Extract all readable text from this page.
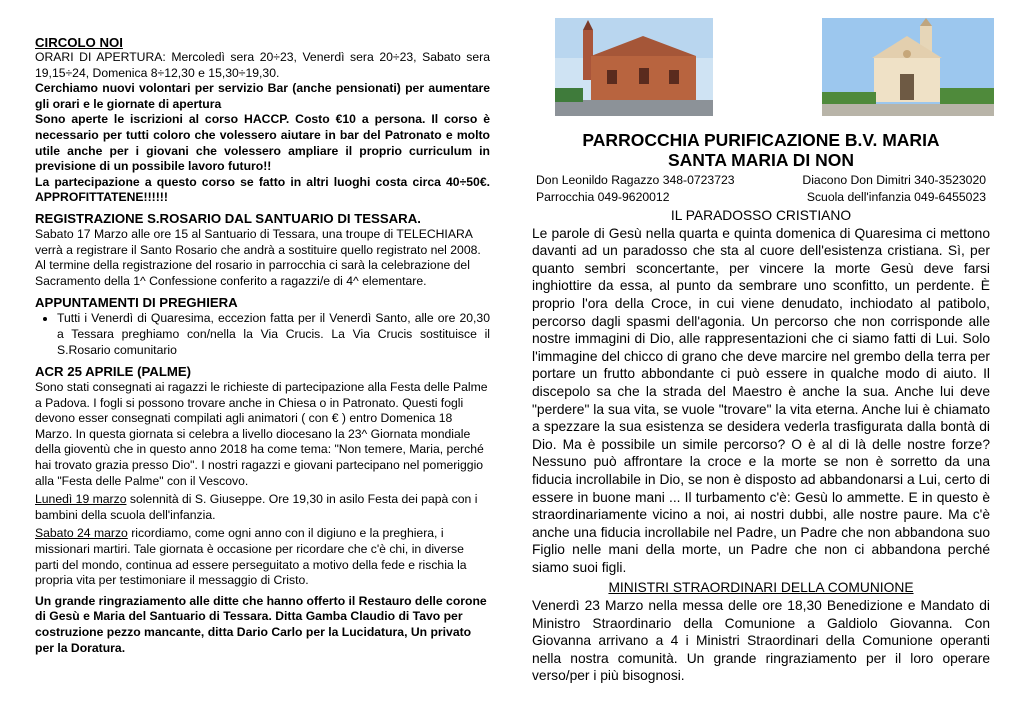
CIRCOLO NOI

ORARI DI APERTURA: Mercoledì sera 20÷23, Venerdì sera 20÷23, Sabato sera 19,15÷24, Domenica 8÷12,30 e 15,30÷19,30.

Cerchiamo nuovi volontari per servizio Bar (anche pensionati) per aumentare gli orari e le giornate di apertura

Sono aperte le iscrizioni al corso HACCP. Costo €10 a persona. Il corso è necessario per tutti coloro che volessero aiutare in bar del Patronato e molto utile anche per i giovani che volessero ampliare il proprio curriculum in previsione di un possibile lavoro futuro!!

La partecipazione a questo corso se fatto in altri luoghi costa circa 40÷50€. APPROFITTATENE!!!!!!

REGISTRAZIONE S.ROSARIO DAL SANTUARIO DI TESSARA.

Sabato 17 Marzo alle ore 15 al Santuario di Tessara, una troupe di TELECHIARA verrà a registrare il Santo Rosario che andrà a sostituire quello registrato nel 2008.

Al termine della registrazione del rosario in parrocchia ci sarà la celebrazione del Sacramento della 1^ Confessione conferito a ragazzi/e di 4^ elementare.

APPUNTAMENTI DI PREGHIERA

• Tutti i Venerdì di Quaresima, eccezion fatta per il Venerdì Santo, alle ore 20,30 a Tessara preghiamo con/nella la Via Crucis. La Via Crucis sostituisce il S.Rosario comunitario

ACR 25 APRILE (PALME)

Sono stati consegnati ai ragazzi le richieste di partecipazione alla Festa delle Palme a Padova. I fogli si possono trovare anche in Chiesa o in Patronato. Questi fogli devono esser consegnati compilati agli animatori ( con € ) entro Domenica 18 Marzo. In questa giornata si celebra a livello diocesano la 23^ Giornata mondiale della gioventù che in questo anno 2018 ha come tema: "Non temere, Maria, perché hai trovato grazia presso Dio". I nostri ragazzi e giovani partecipano nel pomeriggio alla "Festa delle Palme" con il Vescovo.

Lunedì 19 marzo solennità di S. Giuseppe. Ore 19,30 in asilo Festa dei papà con i bambini della scuola dell'infanzia.

Sabato 24 marzo ricordiamo, come ogni anno con il digiuno e la preghiera, i missionari martiri. Tale giornata è occasione per ricordare che c'è chi, in diverse parti del mondo, continua ad essere perseguitato a motivo della fede e rischia la propria vita per testimoniare il messaggio di Cristo.

Un grande ringraziamento alle ditte che hanno offerto il Restauro delle corone di Gesù e Maria del Santuario di Tessara. Ditta Gamba Claudio di Tavo per costruzione pezzo mancante, ditta Dario Carlo per la Lucidatura, Un privato per la Doratura.

PARROCCHIA PURIFICAZIONE B.V. MARIA

SANTA MARIA DI NON

Don Leonildo Ragazzo 348-0723723	Diacono Don Dimitri 340-3523020
Parrocchia 049-9620012	Scuola dell'infanzia 049-6455023

IL PARADOSSO CRISTIANO

Le parole di Gesù nella quarta e quinta domenica di Quaresima ci mettono davanti ad un paradosso che sta al cuore dell'esistenza cristiana. Sì, per quanto sembri sconcertante, per vincere la morte Gesù deve farsi inghiottire da essa, al punto da sembrare uno sconfitto, un perdente. È proprio l'ora della Croce, in cui viene denudato, inchiodato al patibolo, percorso dagli spasmi dell'agonia. Un percorso che non corrisponde alle nostre immagini di Dio, alle rappresentazioni che ci siamo fatti di Lui. Solo l'immagine del chicco di grano che deve marcire nel grembo della terra per portare un frutto abbondante ci può essere in qualche modo di aiuto. Il discepolo sa che la strada del Maestro è anche la sua. Anche lui deve "perdere" la sua vita, se vuole "trovare" la vita eterna. Anche lui è chiamato a spezzare la sua esistenza se desidera vederla trasfigurata dalla bontà di Dio. Ma è possibile un simile percorso? O è al di là delle nostre forze? Nessuno può affrontare la croce e la morte se non è sorretto da una fiducia incrollabile in Dio, se non è disposto ad abbandonarsi a Lui, certo di essere in buone mani ... Il turbamento c'è: Gesù lo ammette. E in questo è straordinariamente vicino a noi, ai nostri dubbi, alle nostre paure. Ma c'è anche una fiducia incrollabile nel Padre, un Padre che non abbandona suo Figlio nelle mani della morte, un Padre che non ci abbandona perché siamo suoi figli.

MINISTRI STRAORDINARI DELLA COMUNIONE

Venerdì 23 Marzo nella messa delle ore 18,30 Benedizione e Mandato di Ministro Straordinario della Comunione a Galdiolo Giovanna. Con Giovanna arrivano a 4 i Ministri Straordinari della Comunione operanti nella nostra comunità. Un grande ringraziamento per il loro operare verso/per i più bisognosi.
